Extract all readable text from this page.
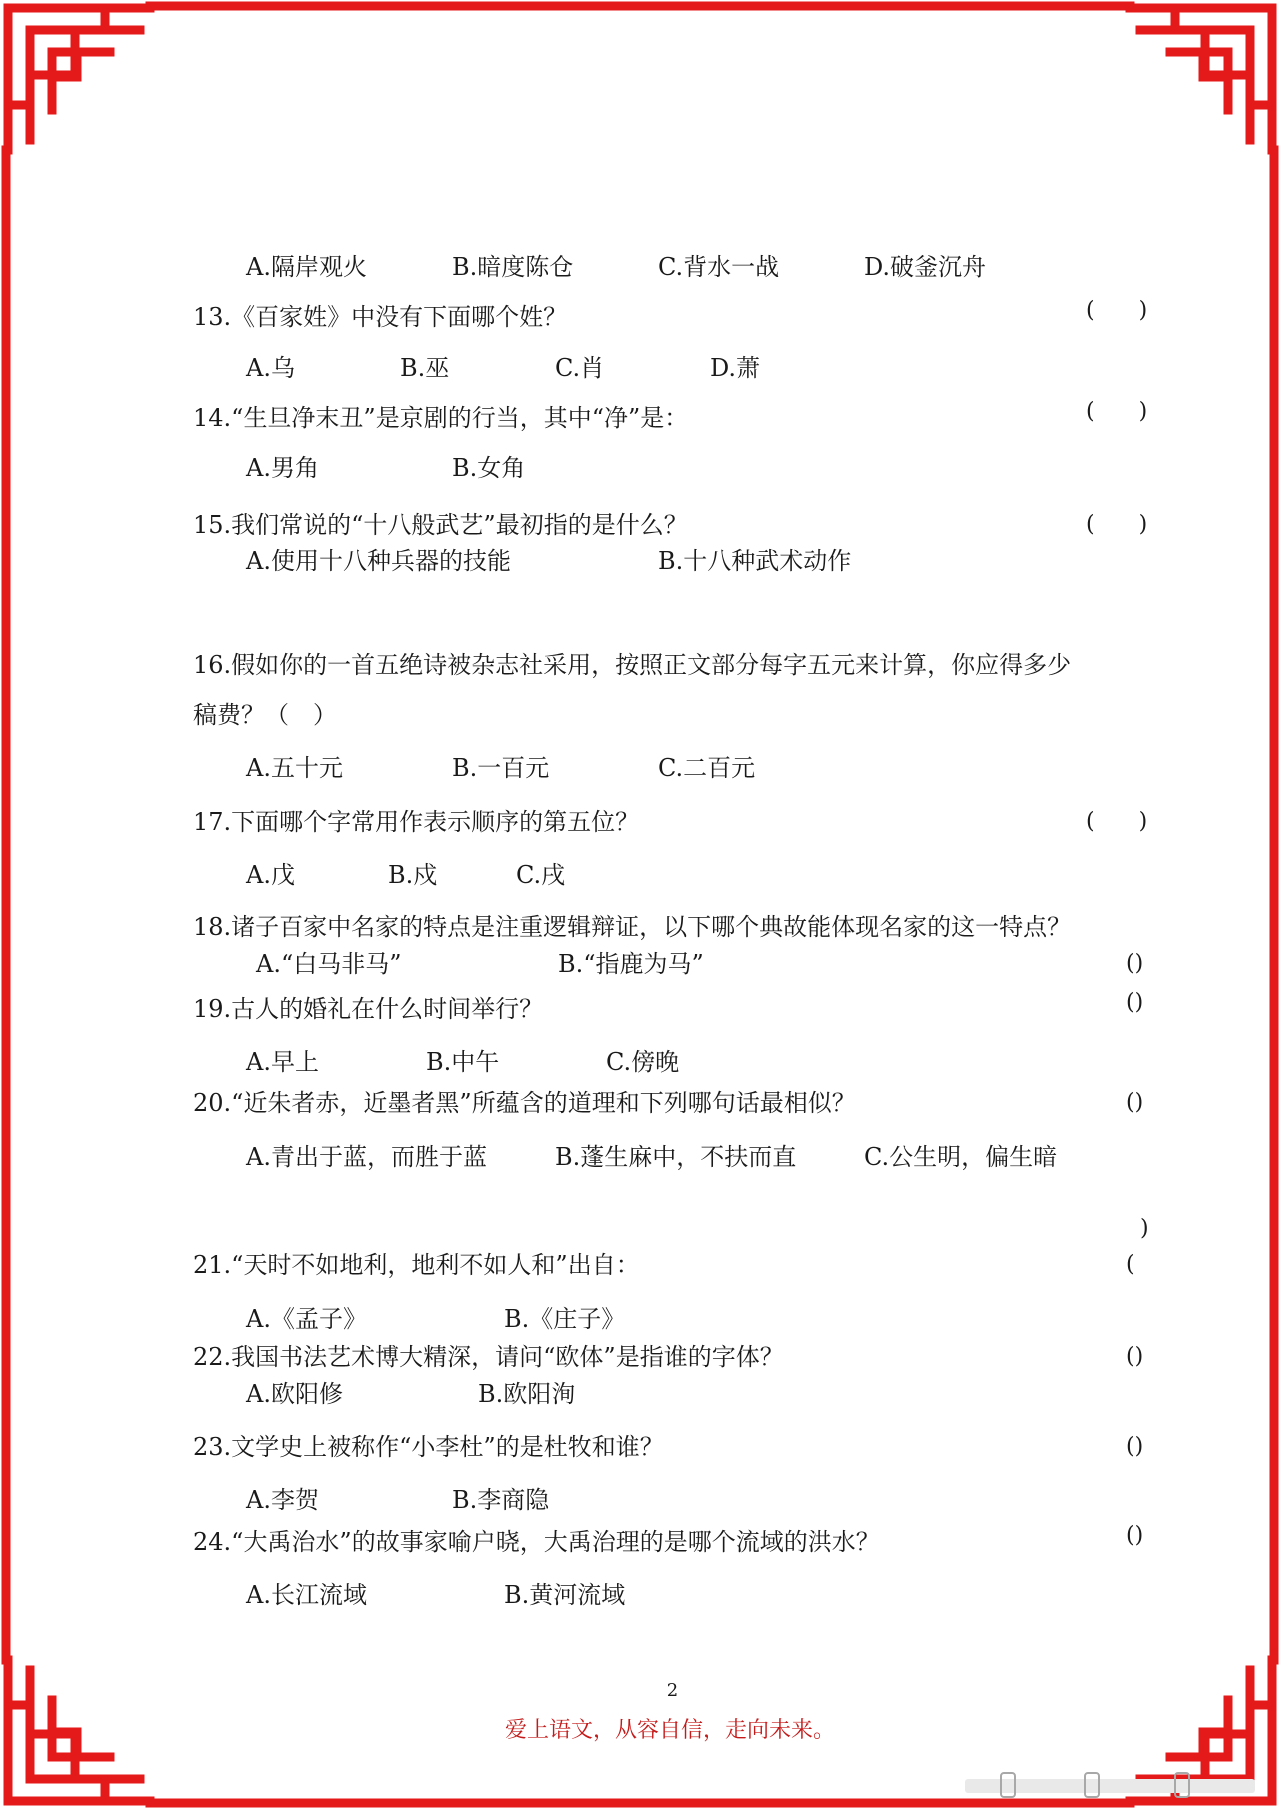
A.隔岸观火	B.暗度陈仓	C.背水一战	D.破釜沉舟
13.《百家姓》中没有下面哪个姓？	(　　)
A.乌	B.巫	C.肖	D.萧
14.“生旦净末丑”是京剧的行当，其中“净”是：	(　　)
A.男角	B.女角
15.我们常说的“十八般武艺”最初指的是什么？	(　　)
A.使用十八种兵器的技能	B.十八种武术动作
16.假如你的一首五绝诗被杂志社采用，按照正文部分每字五元来计算，你应得多少
稿费？（　）
A.五十元	B.一百元	C.二百元
17.下面哪个字常用作表示顺序的第五位？	(　　)
A.戊	B.戍	C.戌
18.诸子百家中名家的特点是注重逻辑辩证，以下哪个典故能体现名家的这一特点？
A.“白马非马”	B.“指鹿为马”	()
19.古人的婚礼在什么时间举行？	()
A.早上	B.中午	C.傍晚
20.“近朱者赤，近墨者黑”所蕴含的道理和下列哪句话最相似？	()
A.青出于蓝，而胜于蓝	B.蓬生麻中，不扶而直	C.公生明，偏生暗
)
21.“天时不如地利，地利不如人和”出自：	(
A.《孟子》	B.《庄子》
22.我国书法艺术博大精深，请问“欧体”是指谁的字体？	()
A.欧阳修	B.欧阳洵
23.文学史上被称作“小李杜”的是杜牧和谁？	()
A.李贺	B.李商隐
24.“大禹治水”的故事家喻户晓，大禹治理的是哪个流域的洪水？	()
A.长江流域	B.黄河流域
2
爱上语文，从容自信，走向未来。
